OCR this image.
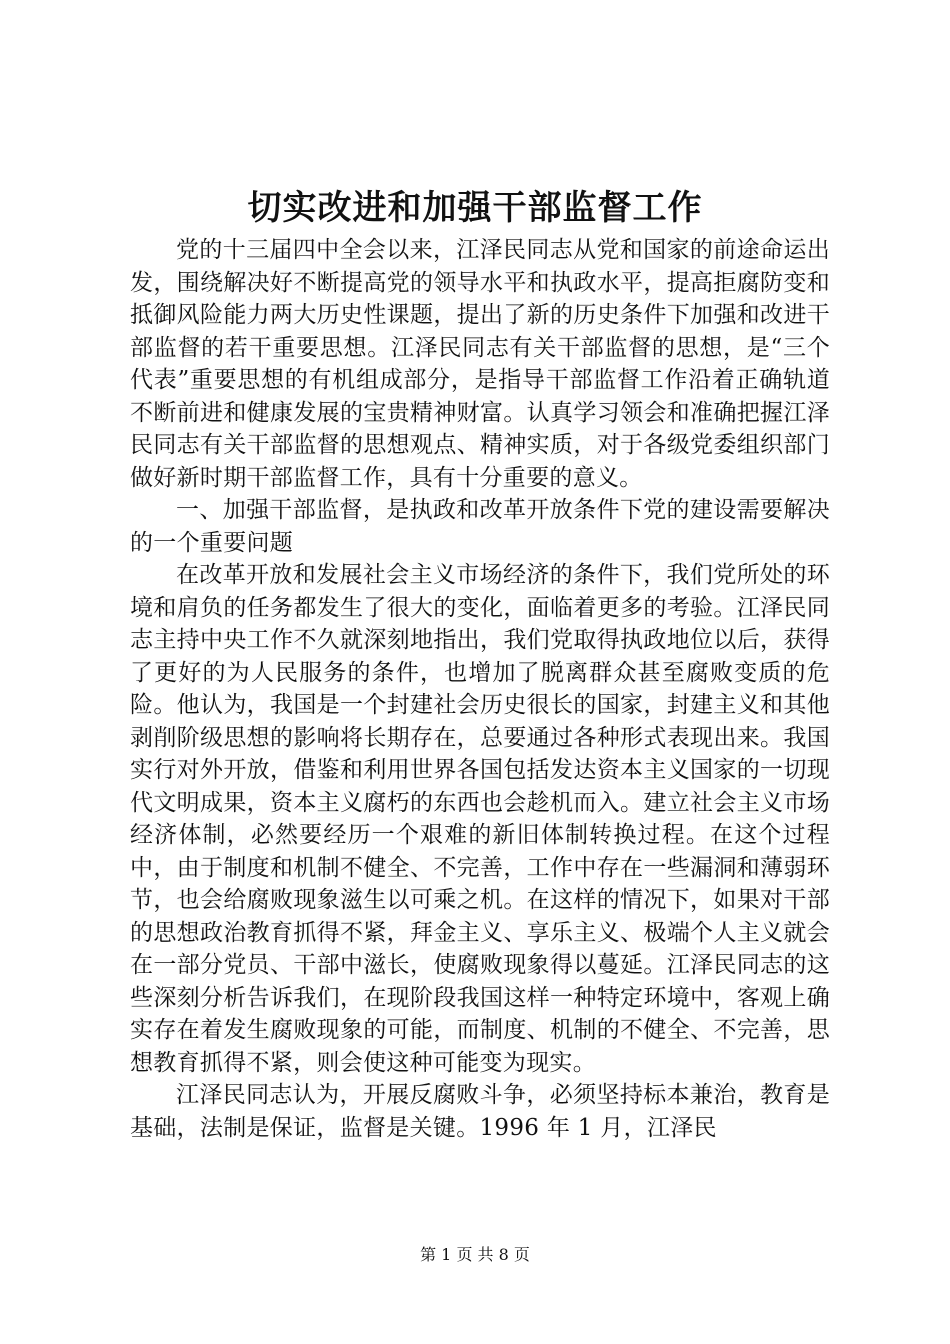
切实改进和加强干部监督工作

党的十三届四中全会以来，江泽民同志从党和国家的前途命运出发，围绕解决好不断提高党的领导水平和执政水平，提高拒腐防变和抵御风险能力两大历史性课题，提出了新的历史条件下加强和改进干部监督的若干重要思想。江泽民同志有关干部监督的思想，是“三个代表”重要思想的有机组成部分，是指导干部监督工作沿着正确轨道不断前进和健康发展的宝贵精神财富。认真学习领会和准确把握江泽民同志有关干部监督的思想观点、精神实质，对于各级党委组织部门做好新时期干部监督工作，具有十分重要的意义。

一、加强干部监督，是执政和改革开放条件下党的建设需要解决的一个重要问题

在改革开放和发展社会主义市场经济的条件下，我们党所处的环境和肩负的任务都发生了很大的变化，面临着更多的考验。江泽民同志主持中央工作不久就深刻地指出，我们党取得执政地位以后，获得了更好的为人民服务的条件，也增加了脱离群众甚至腐败变质的危险。他认为，我国是一个封建社会历史很长的国家，封建主义和其他剥削阶级思想的影响将长期存在，总要通过各种形式表现出来。我国实行对外开放，借鉴和利用世界各国包括发达资本主义国家的一切现代文明成果，资本主义腐朽的东西也会趁机而入。建立社会主义市场经济体制，必然要经历一个艰难的新旧体制转换过程。在这个过程中，由于制度和机制不健全、不完善，工作中存在一些漏洞和薄弱环节，也会给腐败现象滋生以可乘之机。在这样的情况下，如果对干部的思想政治教育抓得不紧，拜金主义、享乐主义、极端个人主义就会在一部分党员、干部中滋长，使腐败现象得以蔓延。江泽民同志的这些深刻分析告诉我们，在现阶段我国这样一种特定环境中，客观上确实存在着发生腐败现象的可能，而制度、机制的不健全、不完善，思想教育抓得不紧，则会使这种可能变为现实。

江泽民同志认为，开展反腐败斗争，必须坚持标本兼治，教育是基础，法制是保证，监督是关键。1996 年 1 月，江泽民

第 1 页 共 8 页
